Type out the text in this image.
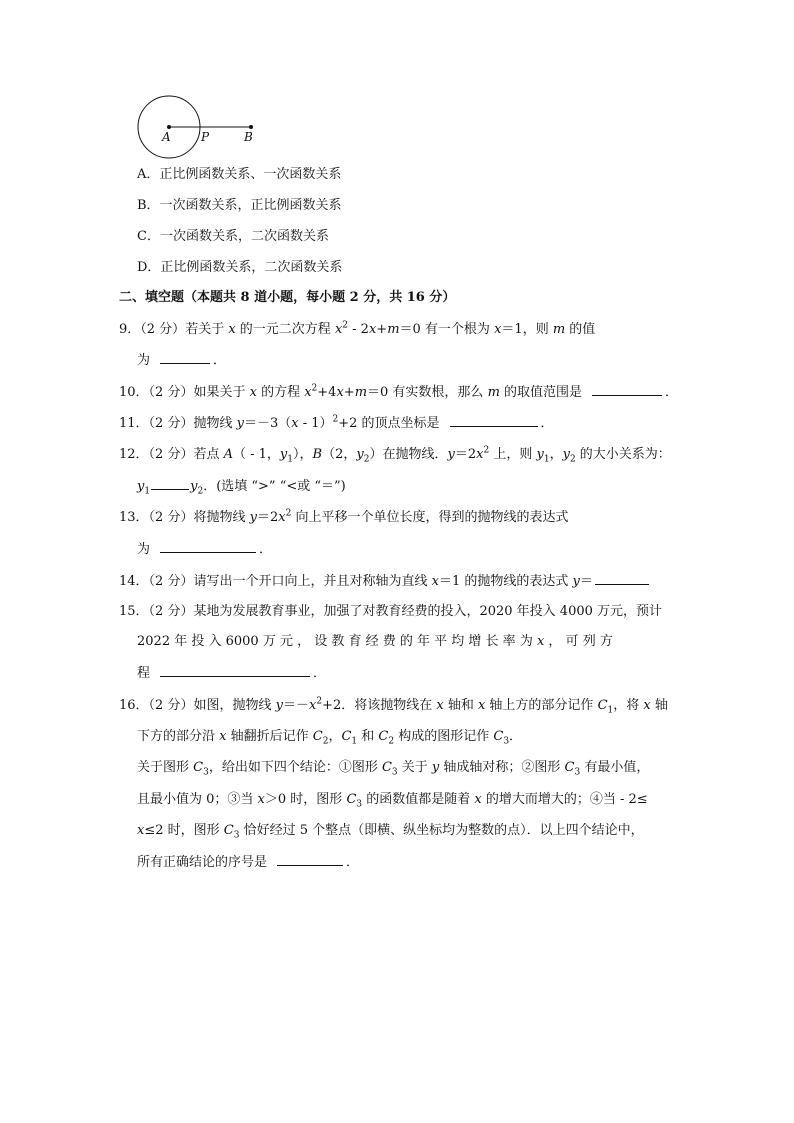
A	P	B
A．正比例函数关系、一次函数关系
B．一次函数关系，正比例函数关系
C．一次函数关系，二次函数关系
D．正比例函数关系，二次函数关系
二、填空题（本题共 8 道小题，每小题 2 分，共 16 分）
9．（2 分）若关于 x 的一元二次方程 $x^2 - 2x+m=0$ 有一个根为 x＝1，则 m 的值
为	．
10．（2 分）如果关于 x 的方程 $x^2+4x+m=0$ 有实数根，那么 m 的取值范围是	．
11．（2 分）抛物线 y＝－3（x - 1）$^2$+2 的顶点坐标是	．
12．（2 分）若点 A（ - 1，$y_1$），B（2，$y_2$）在抛物线．$y=2x^2$ 上，则 $y_1$，$y_2$ 的大小关系为：
$y_1$	$y_2$．(选填 “>” “<或 “＝”)
13．（2 分）将抛物线 $y=2x^2$ 向上平移一个单位长度，得到的抛物线的表达式
为	．
14．（2 分）请写出一个开口向上，并且对称轴为直线 x＝1 的抛物线的表达式 y＝
15．（2 分）某地为发展教育事业，加强了对教育经费的投入，2020 年投入 4000 万元，预计
2022 年 投 入 6000 万 元 ， 设 教 育 经 费 的 年 平 均 增 长 率 为 x ， 可 列 方
程	．
16．（2 分）如图，抛物线 $y=-x^2+2$．将该抛物线在 x 轴和 x 轴上方的部分记作 $C_1$，将 x 轴
下方的部分沿 x 轴翻折后记作 $C_2$，$C_1$ 和 $C_2$ 构成的图形记作 $C_3$．
关于图形 $C_3$，给出如下四个结论：①图形 $C_3$ 关于 y 轴成轴对称；②图形 $C_3$ 有最小值，
且最小值为 0；③当 x＞0 时，图形 $C_3$ 的函数值都是随着 x 的增大而增大的；④当 - 2≤
x≤2 时，图形 $C_3$ 恰好经过 5 个整点（即横、纵坐标均为整数的点）．以上四个结论中，
所有正确结论的序号是	．
